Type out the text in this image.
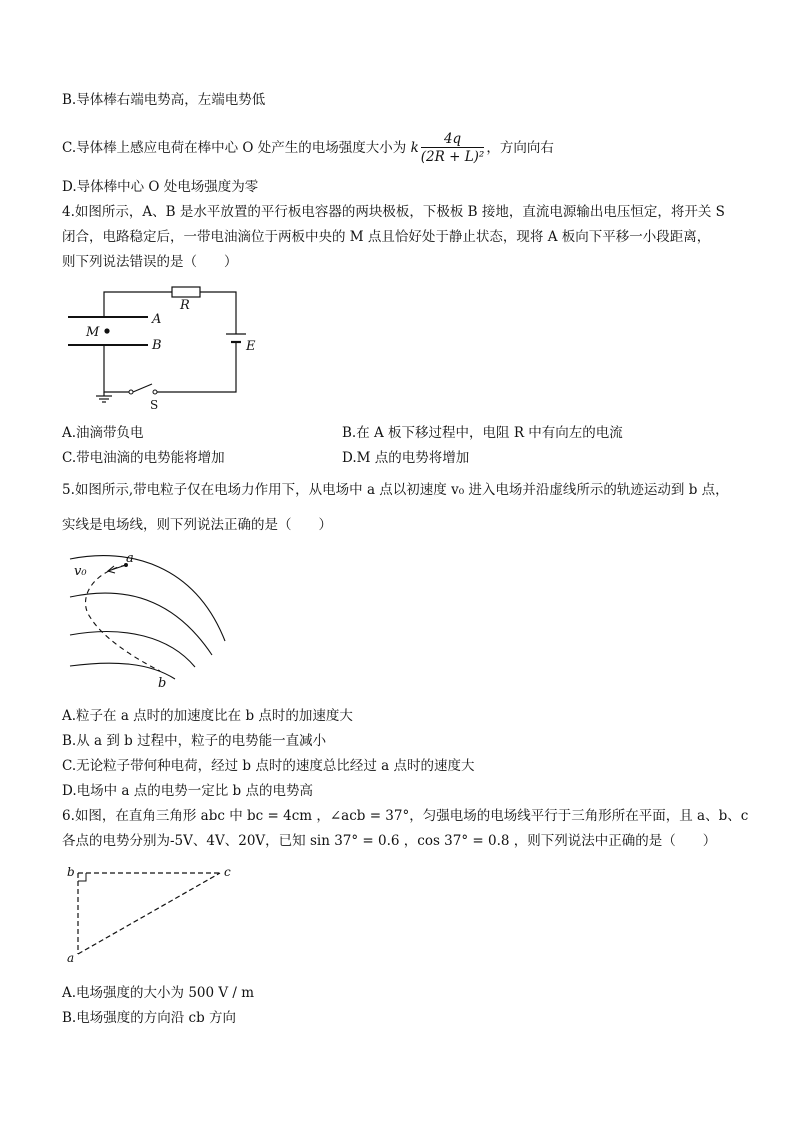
B.导体棒右端电势高，左端电势低
C.导体棒上感应电荷在棒中心 O 处产生的电场强度大小为 k $\frac{4q}{\text{(2R + L)²}}$ ，方向向右
D.导体棒中心 O 处电场强度为零
4.如图所示，A、B 是水平放置的平行板电容器的两块极板，下极板 B 接地，直流电源输出电压恒定，将开关 S
闭合，电路稳定后，一带电油滴位于两板中央的 M 点且恰好处于静止状态，现将 A 板向下平移一小段距离，
则下列说法错误的是（　　）
R
A
B
M
E
S
A.油滴带负电	B.在 A 板下移过程中，电阻 R 中有向左的电流
C.带电油滴的电势能将增加	D.M 点的电势将增加
5.如图所示,带电粒子仅在电场力作用下，从电场中 a 点以初速度 v₀ 进入电场并沿虚线所示的轨迹运动到 b 点，
实线是电场线，则下列说法正确的是（　　）
a
b
v₀
A.粒子在 a 点时的加速度比在 b 点时的加速度大
B.从 a 到 b 过程中，粒子的电势能一直减小
C.无论粒子带何种电荷，经过 b 点时的速度总比经过 a 点时的速度大
D.电场中 a 点的电势一定比 b 点的电势高
6.如图，在直角三角形 abc 中 bc = 4cm ，∠acb = 37°，匀强电场的电场线平行于三角形所在平面，且 a、b、c
各点的电势分别为-5V、4V、20V，已知 sin 37° = 0.6 ，cos 37° = 0.8 ，则下列说法中正确的是（　　）
b	c
a
A.电场强度的大小为 500 V / m
B.电场强度的方向沿 cb 方向
